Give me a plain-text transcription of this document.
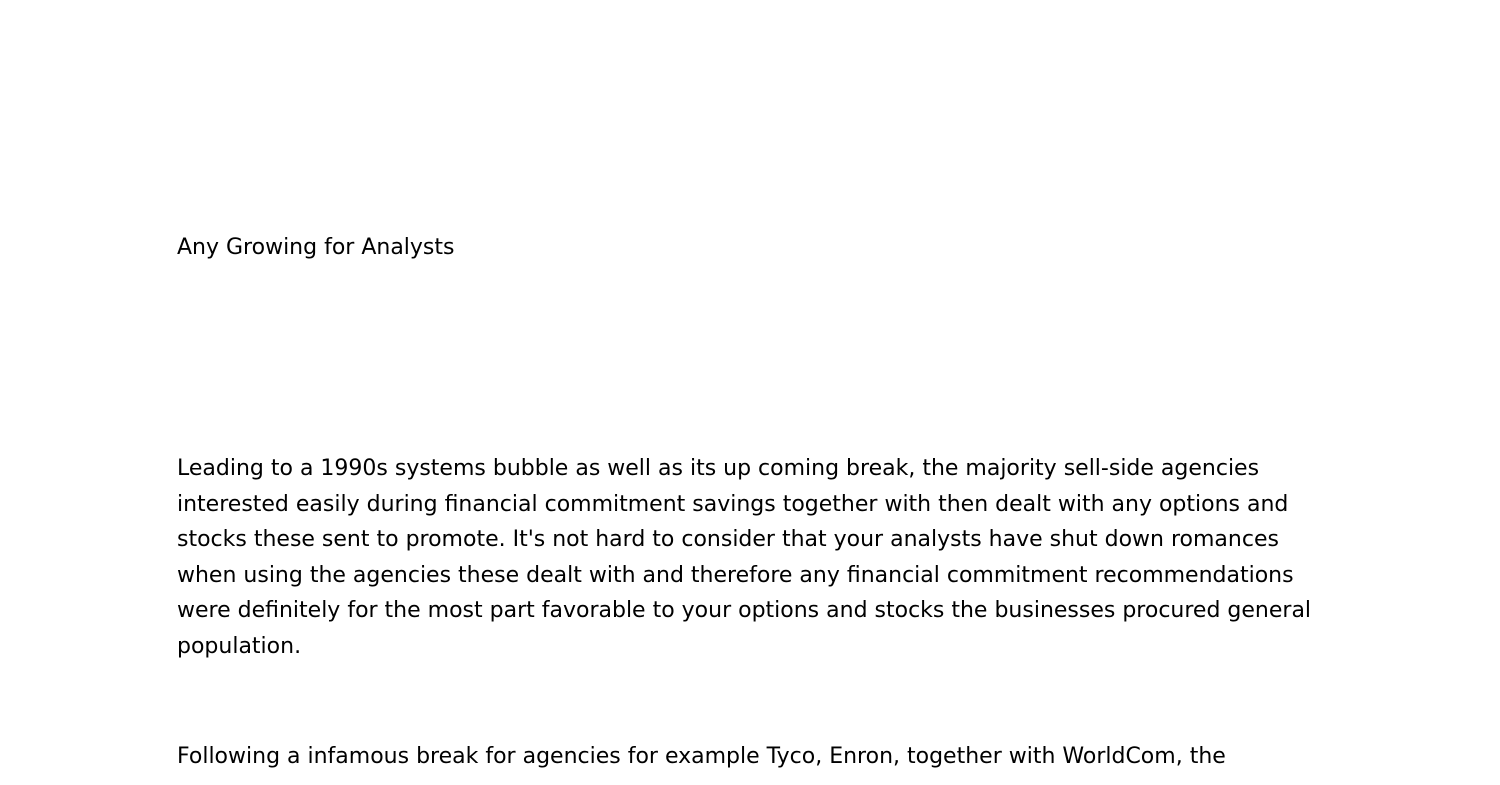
Any Growing for Analysts

Leading to a 1990s systems bubble as well as its up coming break, the majority sell-side agencies
interested easily during financial commitment savings together with then dealt with any options and
stocks these sent to promote. It's not hard to consider that your analysts have shut down romances
when using the agencies these dealt with and therefore any financial commitment recommendations
were definitely for the most part favorable to your options and stocks the businesses procured general
population.

Following a infamous break for agencies for example Tyco, Enron, together with WorldCom, the
